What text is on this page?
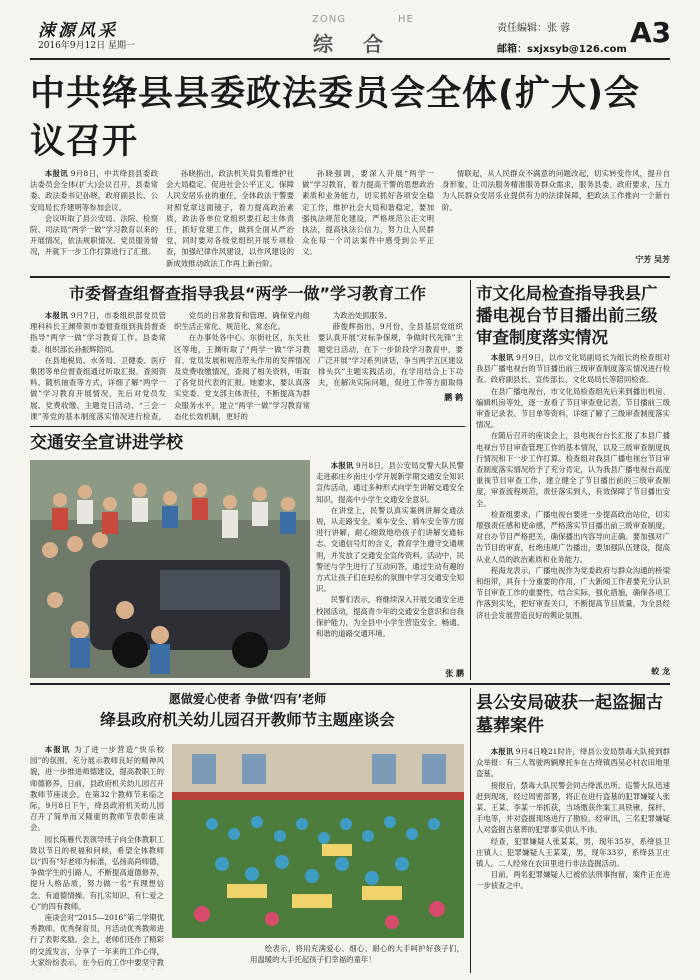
涑源风采
2016年9月12日 星期一
ZONG	HE
综合
责任编辑：张 蓉
邮箱：sxjxsyb@126.com
A3
中共绛县县委政法委员会全体(扩大)会议召开

本报讯 9月8日，中共绛县县委政法委员会全体(扩大)会议召开，县委常委、政法委书记孙晓，政府副县长、公安局局长乔建明等参加会议。

会议听取了县公安局、法院、检察院、司法局“两学一做”学习教育以来的开展情况，依法规职情况、党员服务情况，并就下一步工作打算进行了汇报。

孙晓指出，政法机关肩负着维护社会大局稳定、促进社会公平正义、保障人民安居乐业的重任，全体政法干警要对照党章这面镜子，着力提高政治素质，政法各单位党组织要扛起主体责任，抓好党建工作，做到全面从严治党，同时要对各级党组织开展专项检查，加强纪律作风建设，以作风建设的新成效推动政法工作再上新台阶。

孙晓强调，要深入开展“两学一做”学习教育，着力提高干警的思想政治素质和业务能力，切实抓好各项安全稳定工作，维护社会大局和谐稳定，要加强执法规范化建设，严格规范公正文明执法，提高执法公信力，努力让人民群众在每一个司法案件中感受到公平正义。

情联起，从人民群众不满意的问题改起，切实转变作风，提升自身形象，让司法服务精准服务群众需求，服务县委、政府要求，压力为人民群众安居乐业提供有力的法律保障，把政法工作推向一个新台阶。

宁芳 吴芳
市委督查组督查指导我县“两学一做”学习教育工作

本报讯 9月7日，市委组织部党员管理科科长王渊带领市委督查组到我县督查指导“两学一做”学习教育工作。县委常委、组织部长孙振辉陪同。

在县地税局、水务局、卫健委、医疗集团等单位督查组通过听取汇报、查阅资料、随机抽查等方式，详细了解“两学一做”学习教育开展情况，先后对党员发展、党费收缴、主题党日活动、“三会一课”等党的基本制度落实情况进行检查，

党员的日常教育和管理。确保党内组织生活正常化、规范化、常态化。

在办事处各中心、东街社区，东关社区等地，王渊听取了“两学一做”学习教育、党员发展和规范带头作用的发挥情况及党费收缴情况，查阅了相关资料，听取了各党员代表的汇报。她要求，要认真落实党委、党支部主体责任，不断提高为群众服务水平，建立“两学一做”学习教育常态化长效机制，更好的

为政治处抓服务。

薛俊辉指出，9月份，全县基层党组织要认真开展“对标争保规，争做时代先锋”主题党日活动，在下一步阶段学习教育中，要广泛开展“学习系列讲话，争当两学五区建设排头兵”主题实践活动，在学用结合上下功夫，在解决实际问题，促进工作等方面取得

鹏 鹤
市文化局检查指导我县广播电视台节目播出前三级审查制度落实情况

本报讯 9月9日，以市文化局副局长为组长的检查组对我县广播电视台的节目播出前三级审查制度落实情况进行检查。政府副县长、宣传部长、文化局局长等陪同检查。

在县广播电视台，市文化局检查组先后来到播出机房、编辑机房等处，逐一查看了节目审查登记表、节目播前三级审查记录表、节目单等资料，详细了解了三级审查制度落实情况。

在随后召开的座谈会上，县电视台台长汇报了本县广播电视台节目审查管理工作的基本情况，以及三级审查制度执行情况和下一步工作打算。检查组对我县广播电视台节目审查制度落实情况给予了充分肯定，认为我县广播电视台高度重视节目审查工作，建立健全了节目播出前的三级审查制度，审查流程规范，责任落实到人，有效保障了节目播出安全。

检查组要求，广播电视台要进一步提高政治站位，切实增强责任感和使命感，严格落实节目播出前三级审查制度，对自办节目严格把关，确保播出内容导向正确。要加强对广告节目的审查，杜绝违规广告播出，要加强队伍建设，提高从业人员的政治素质和业务能力。

程海龙表示，广播电视作为党委政府与群众沟通的桥梁和纽带，具有十分重要的作用，广大新闻工作者要充分认识节目审查工作的重要性，结合实际，强化措施，确保各项工作落到实处，把好审查关口，不断提高节目质量，为全县经济社会发展营造良好的舆论氛围。

蛟 龙
交通安全宣讲进学校

本报讯 9月8日，县公安局交警大队民警走进郝庄乡南庄小学开展新学期交通安全知识宣传活动，通过多种形式向学生讲解交通安全知识，提高中小学生交通安全意识。

在讲堂上，民警以真实案例讲解交通法规，从走路安全、乘车安全、骑车安全等方面进行讲解，耐心细致地给孩子们讲解交通标志、交通信号灯的含义，教育学生遵守交通规则，并发放了交通安全宣传资料。活动中，民警还与学生进行了互动问答，通过生动有趣的方式让孩子们在轻松的氛围中学习交通安全知识。

民警们表示，将继续深入开展交通安全进校园活动，提高青少年的交通安全意识和自我保护能力，为全县中小学生营造安全、畅通、和谐的道路交通环境。

张 鹏
愿做爱心使者 争做‘四有’老师
绛县政府机关幼儿园召开教师节主题座谈会

本报讯 为了进一步营造“快乐校园”的氛围，充分展示教师良好的精神风貌，进一步推进师德建设，提高教职工的师德修养，日前，县政府机关幼儿园召开教师节座谈会。在第32个教师节来临之际，9月8日下午，绛县政府机关幼儿园召开了简单而又隆重的教师节表彰座谈会。

园长陈雁代表领导班子向全体教职工致以节日的祝福和问候，希望全体教师以“四有”好老师为标准，弘扬高尚师德，争做学生的引路人，不断提高道德修养，提升人格品质，努力做一名“有理想信念、有道德情操、有扎实知识、有仁爱之心”的四有教师。

座谈会对“2015—2016”第二学期优秀教师、优秀保育员、月活动优秀教师进行了表彰奖励。会上，老师们还作了精彩的交流发言，分享了一年来的工作心得，大家纷纷表示，在今后的工作中要坚守教

绘表示，将用充满爱心、细心、耐心的大手呵护好孩子们，用温暖的大手托起孩子们幸福的童年！

县公安局破获一起盗掘古墓葬案件

本报讯 9月4日晚21时许，绛县公安局禁毒大队接到群众举报：有三人驾驶两辆摩托车在古绛镇西吴必村农田地里盗墓。

接报后，禁毒大队民警会同古绛派出所、巡警大队迅速赶到现场，经过周密部署，将正在进行盗墓的犯罪嫌疑人张某、王某、李某一举抓获，当场缴获作案工具铁锹、探杆、手电等，并对盗掘现场进行了勘验。经审讯，三名犯罪嫌疑人对盗掘古墓葬的犯罪事实供认不讳。

经查，犯罪嫌疑人张某某，男，现年35岁，系绛县卫庄镇人；犯罪嫌疑人王某某，男，现年33岁，系绛县卫庄镇人。二人经常在农田里进行非法盗掘活动。

目前，两名犯罪嫌疑人已被依法刑事拘留，案件正在进一步侦查之中。
